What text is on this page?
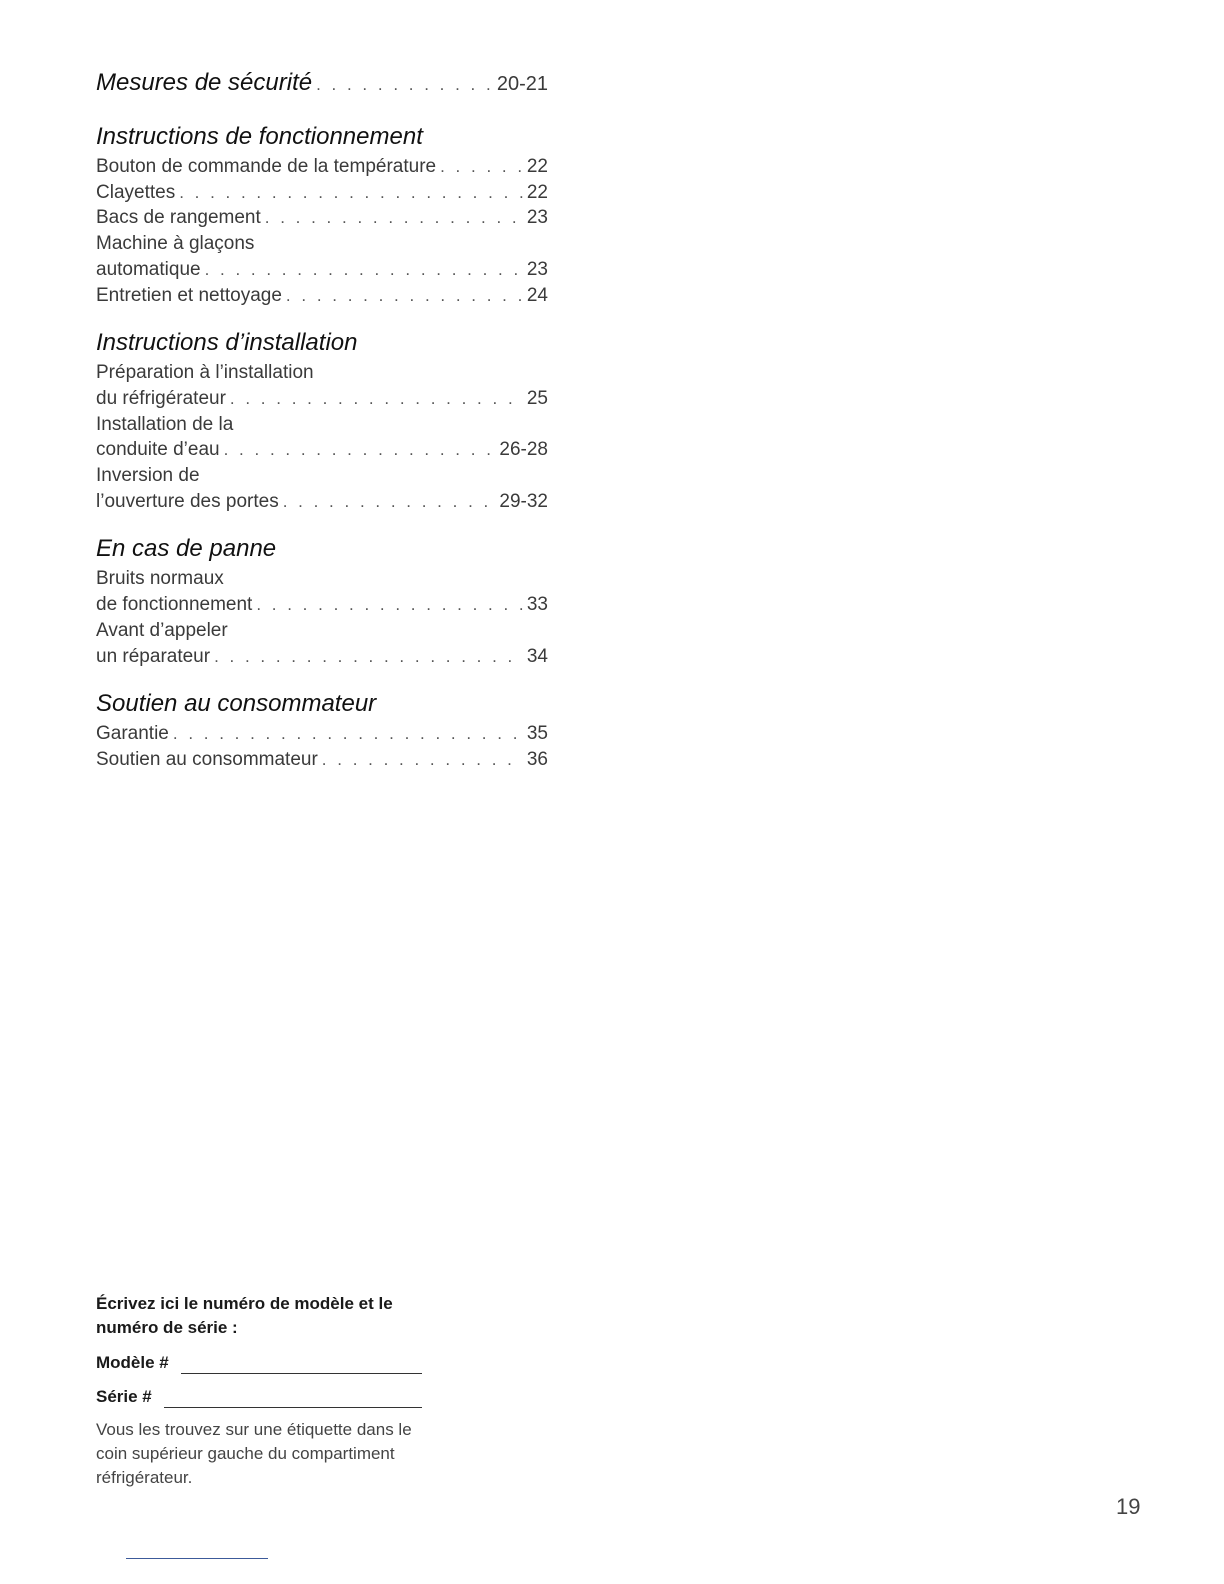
Mesures de sécurité . . .	20-21
Instructions de fonctionnement
Bouton de commande de la température . . .	22
Clayettes . . .	22
Bacs de rangement . . .	23
Machine à glaçons
automatique . . .	23
Entretien et nettoyage . . .	24
Instructions d’installation
Préparation à l’installation
du réfrigérateur . . .	25
Installation de la
conduite d’eau . . .	26-28
Inversion de
l’ouverture des portes . . .	29-32
En cas de panne
Bruits normaux
de fonctionnement . . .	33
Avant d’appeler
un réparateur . . .	34
Soutien au consommateur
Garantie . . .	35
Soutien au consommateur . . .	36
Écrivez ici le numéro de modèle et le numéro de série :
Modèle #
Série #
Vous les trouvez sur une étiquette dans le coin supérieur gauche du compartiment réfrigérateur.
19
